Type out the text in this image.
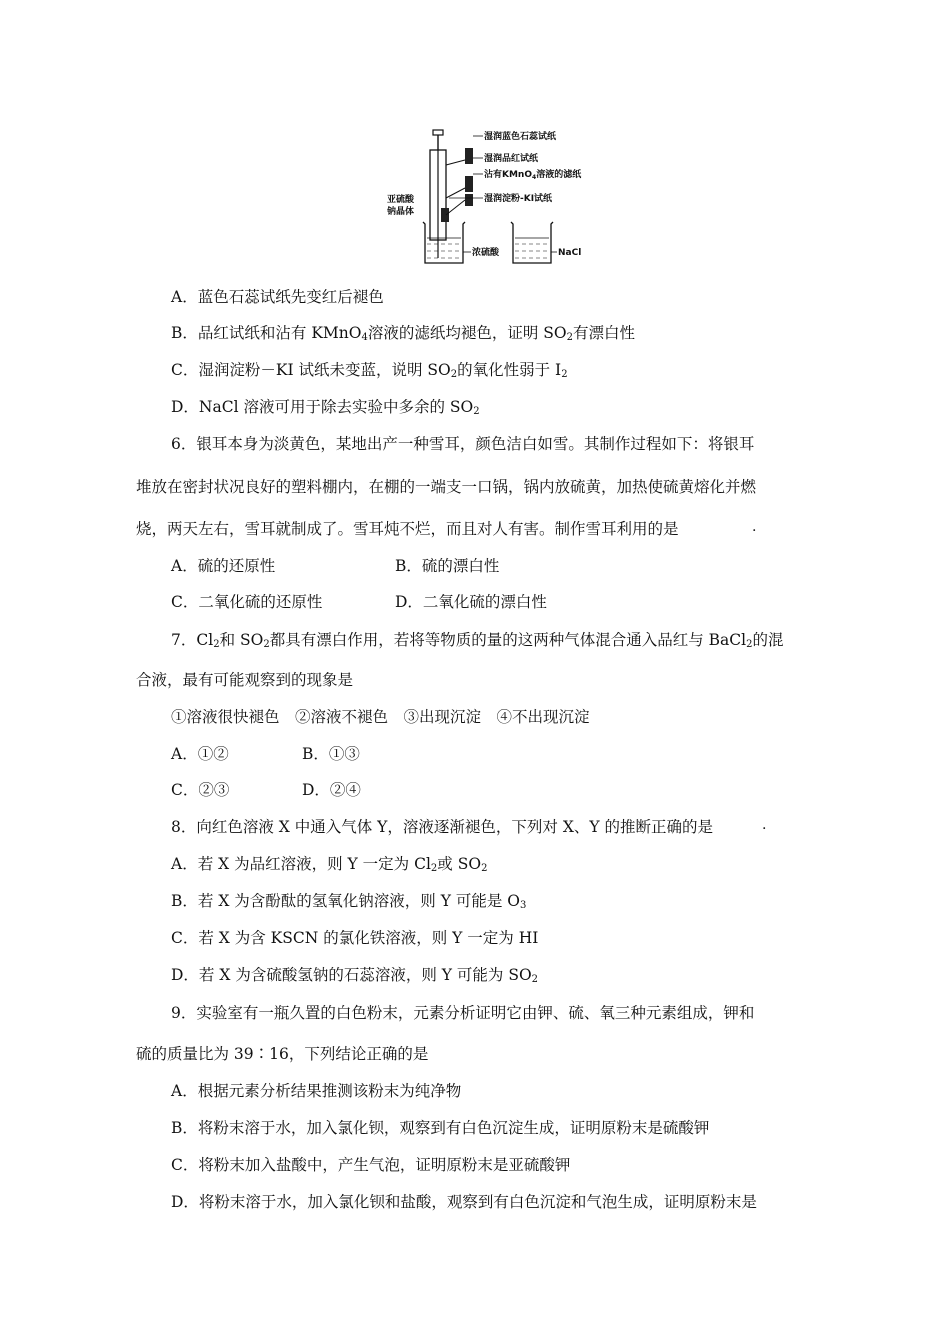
湿润蓝色石蕊试纸
湿润品红试纸
沾有KMnO$_4$溶液的滤纸
湿润淀粉-KI试纸
亚硫酸
钠晶体
浓硫酸	NaCl
A．蓝色石蕊试纸先变红后褪色
B．品红试纸和沾有 KMnO$_4$溶液的滤纸均褪色，证明 $SO_2$有漂白性
C．湿润淀粉－KI 试纸未变蓝，说明 $SO_2$的氧化性弱于 $I_2$
D．NaCl 溶液可用于除去实验中多余的 $SO_2$
6．银耳本身为淡黄色，某地出产一种雪耳，颜色洁白如雪。其制作过程如下：将银耳
堆放在密封状况良好的塑料棚内，在棚的一端支一口锅，锅内放硫黄，加热使硫黄熔化并燃
烧，两天左右，雪耳就制成了。雪耳炖不烂，而且对人有害。制作雪耳利用的是	.
A．硫的还原性	B．硫的漂白性
C．二氧化硫的还原性	D．二氧化硫的漂白性
7．$Cl_2$和 $SO_2$都具有漂白作用，若将等物质的量的这两种气体混合通入品红与 BaCl$_2$的混
合液，最有可能观察到的现象是
①溶液很快褪色　②溶液不褪色　③出现沉淀　④不出现沉淀
A．①②	B．①③
C．②③	D．②④
8．向红色溶液 X 中通入气体 Y，溶液逐渐褪色，下列对 X、Y 的推断正确的是	.
A．若 X 为品红溶液，则 Y 一定为 $Cl_2$或 $SO_2$
B．若 X 为含酚酞的氢氧化钠溶液，则 Y 可能是 $O_3$
C．若 X 为含 KSCN 的氯化铁溶液，则 Y 一定为 HI
D．若 X 为含硫酸氢钠的石蕊溶液，则 Y 可能为 $SO_2$
9．实验室有一瓶久置的白色粉末，元素分析证明它由钾、硫、氧三种元素组成，钾和
硫的质量比为 39∶16，下列结论正确的是
A．根据元素分析结果推测该粉末为纯净物
B．将粉末溶于水，加入氯化钡，观察到有白色沉淀生成，证明原粉末是硫酸钾
C．将粉末加入盐酸中，产生气泡，证明原粉末是亚硫酸钾
D．将粉末溶于水，加入氯化钡和盐酸，观察到有白色沉淀和气泡生成，证明原粉末是
